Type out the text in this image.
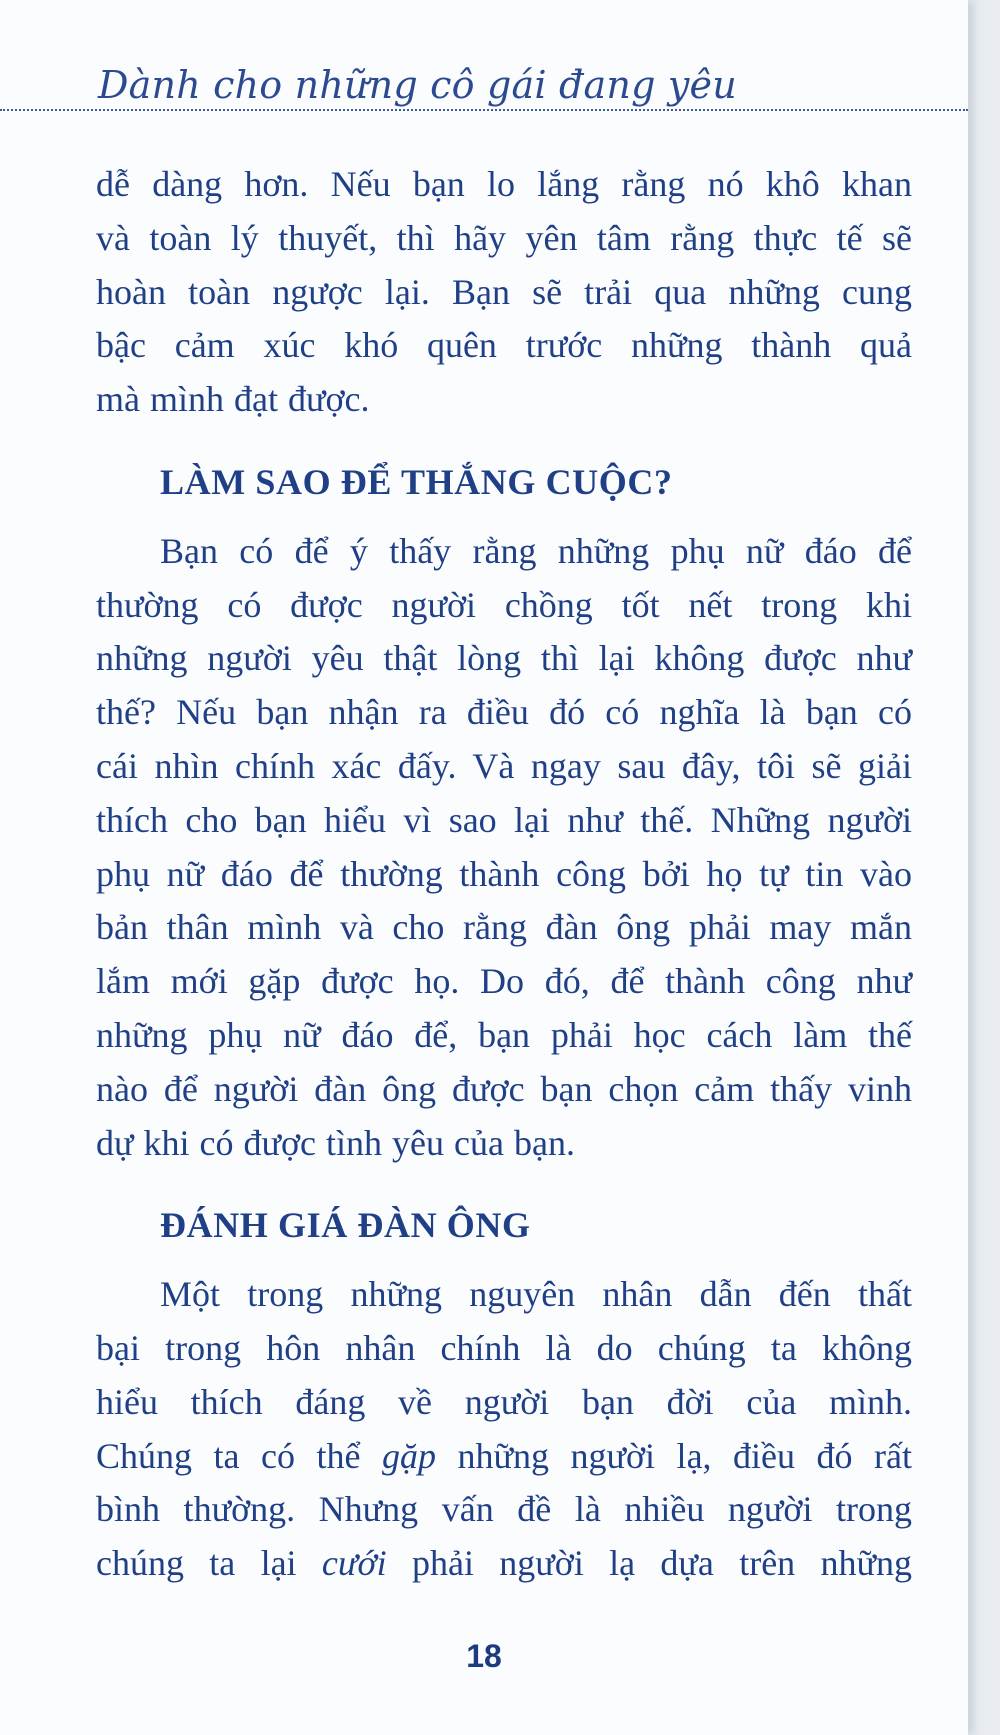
Dành cho những cô gái đang yêu

dễ dàng hơn. Nếu bạn lo lắng rằng nó khô khan
và toàn lý thuyết, thì hãy yên tâm rằng thực tế sẽ
hoàn toàn ngược lại. Bạn sẽ trải qua những cung
bậc cảm xúc khó quên trước những thành quả
mà mình đạt được.

LÀM SAO ĐỂ THẮNG CUỘC?

Bạn có để ý thấy rằng những phụ nữ đáo để
thường có được người chồng tốt nết trong khi
những người yêu thật lòng thì lại không được như
thế? Nếu bạn nhận ra điều đó có nghĩa là bạn có
cái nhìn chính xác đấy. Và ngay sau đây, tôi sẽ giải
thích cho bạn hiểu vì sao lại như thế. Những người
phụ nữ đáo để thường thành công bởi họ tự tin vào
bản thân mình và cho rằng đàn ông phải may mắn
lắm mới gặp được họ. Do đó, để thành công như
những phụ nữ đáo để, bạn phải học cách làm thế
nào để người đàn ông được bạn chọn cảm thấy vinh
dự khi có được tình yêu của bạn.

ĐÁNH GIÁ ĐÀN ÔNG

Một trong những nguyên nhân dẫn đến thất
bại trong hôn nhân chính là do chúng ta không
hiểu thích đáng về người bạn đời của mình.
Chúng ta có thể gặp những người lạ, điều đó rất
bình thường. Nhưng vấn đề là nhiều người trong
chúng ta lại cưới phải người lạ dựa trên những

18
